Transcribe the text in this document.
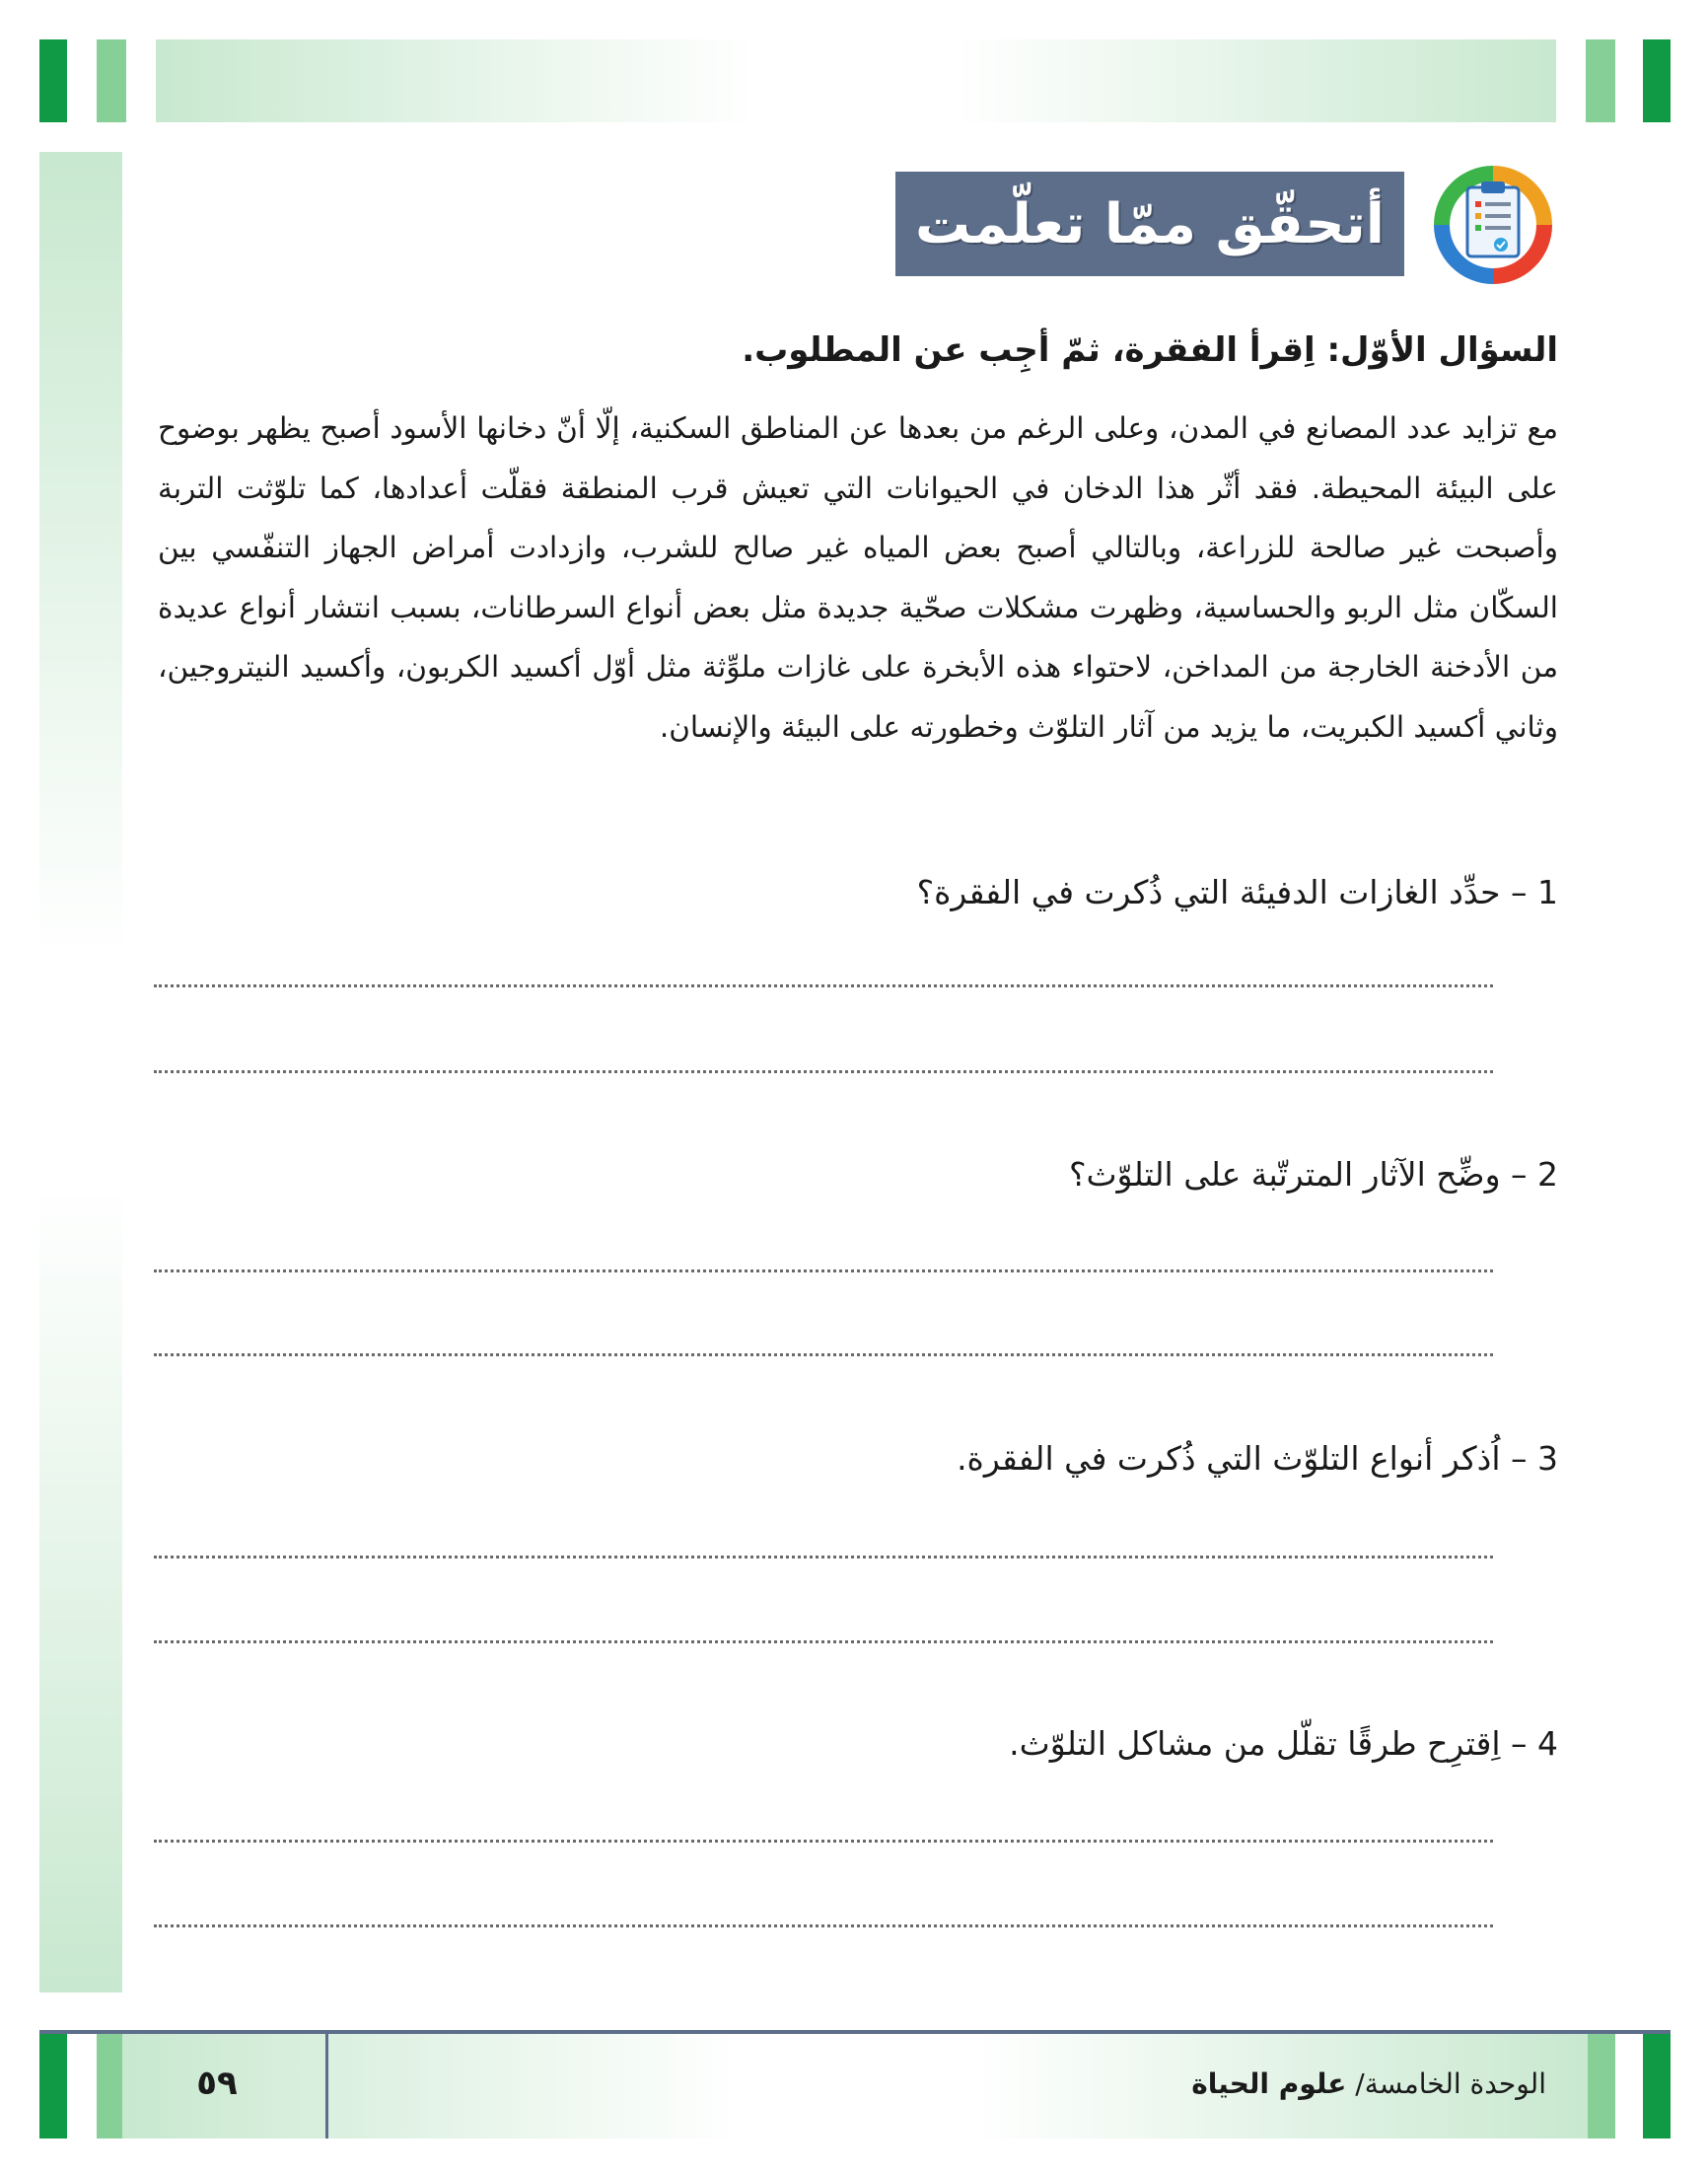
أتحقّق ممّا تعلّمت
السؤال الأوّل: اِقرأ الفقرة، ثمّ أجِب عن المطلوب.
مع تزايد عدد المصانع في المدن، وعلى الرغم من بعدها عن المناطق السكنية، إلّا أنّ دخانها الأسود أصبح يظهر بوضوح على البيئة المحيطة. فقد أثّر هذا الدخان في الحيوانات التي تعيش قرب المنطقة فقلّت أعدادها، كما تلوّثت التربة وأصبحت غير صالحة للزراعة، وبالتالي أصبح بعض المياه غير صالح للشرب، وازدادت أمراض الجهاز التنفّسي بين السكّان مثل الربو والحساسية، وظهرت مشكلات صحّية جديدة مثل بعض أنواع السرطانات، بسبب انتشار أنواع عديدة من الأدخنة الخارجة من المداخن، لاحتواء هذه الأبخرة على غازات ملوِّثة مثل أوّل أكسيد الكربون، وأكسيد النيتروجين، وثاني أكسيد الكبريت، ما يزيد من آثار التلوّث وخطورته على البيئة والإنسان.
1 – حدِّد الغازات الدفيئة التي ذُكرت في الفقرة؟
2 – وضِّح الآثار المترتّبة على التلوّث؟
3 – اُذكر أنواع التلوّث التي ذُكرت في الفقرة.
4 – اِقترِح طرقًا تقلّل من مشاكل التلوّث.
٥٩	الوحدة الخامسة/ علوم الحياة
